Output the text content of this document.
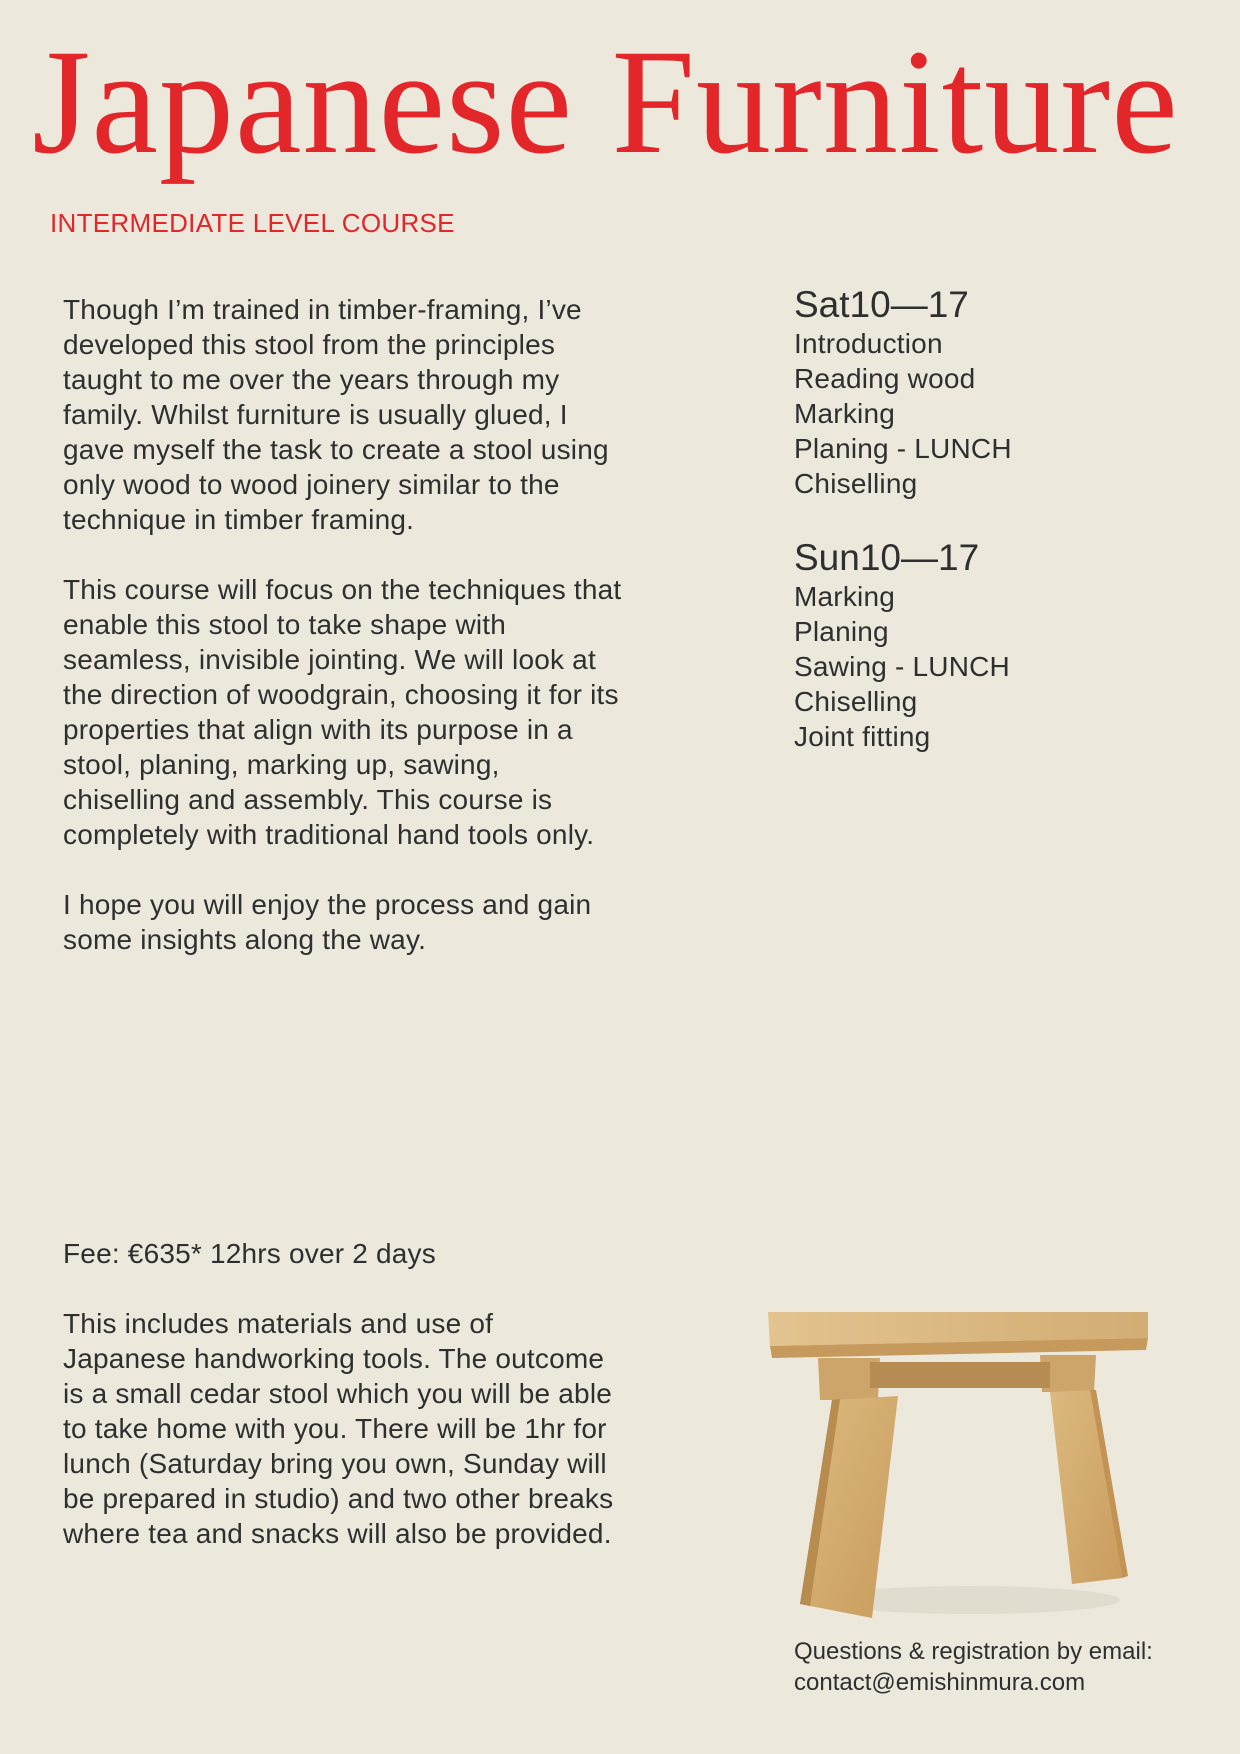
Japanese Furniture
INTERMEDIATE LEVEL COURSE

Though I’m trained in timber-framing, I’ve developed this stool from the principles taught to me over the years through my family. Whilst furniture is usually glued, I gave myself the task to create a stool using only wood to wood joinery similar to the technique in timber framing.

This course will focus on the techniques that enable this stool to take shape with seamless, invisible jointing. We will look at the direction of woodgrain, choosing it for its properties that align with its purpose in a stool, planing, marking up, sawing, chiselling and assembly. This course is completely with traditional hand tools only.

I hope you will enjoy the process and gain some insights along the way.

Sat10—17
Introduction
Reading wood
Marking
Planing - LUNCH
Chiselling
Sun10—17
Marking
Planing
Sawing - LUNCH
Chiselling
Joint fitting

Fee: €635* 12hrs over 2 days

This includes materials and use of Japanese handworking tools. The outcome is a small cedar stool which you will be able to take home with you. There will be 1hr for lunch (Saturday bring you own, Sunday will be prepared in studio) and two other breaks where tea and snacks will also be provided.

Questions & registration by email:
contact@emishinmura.com
